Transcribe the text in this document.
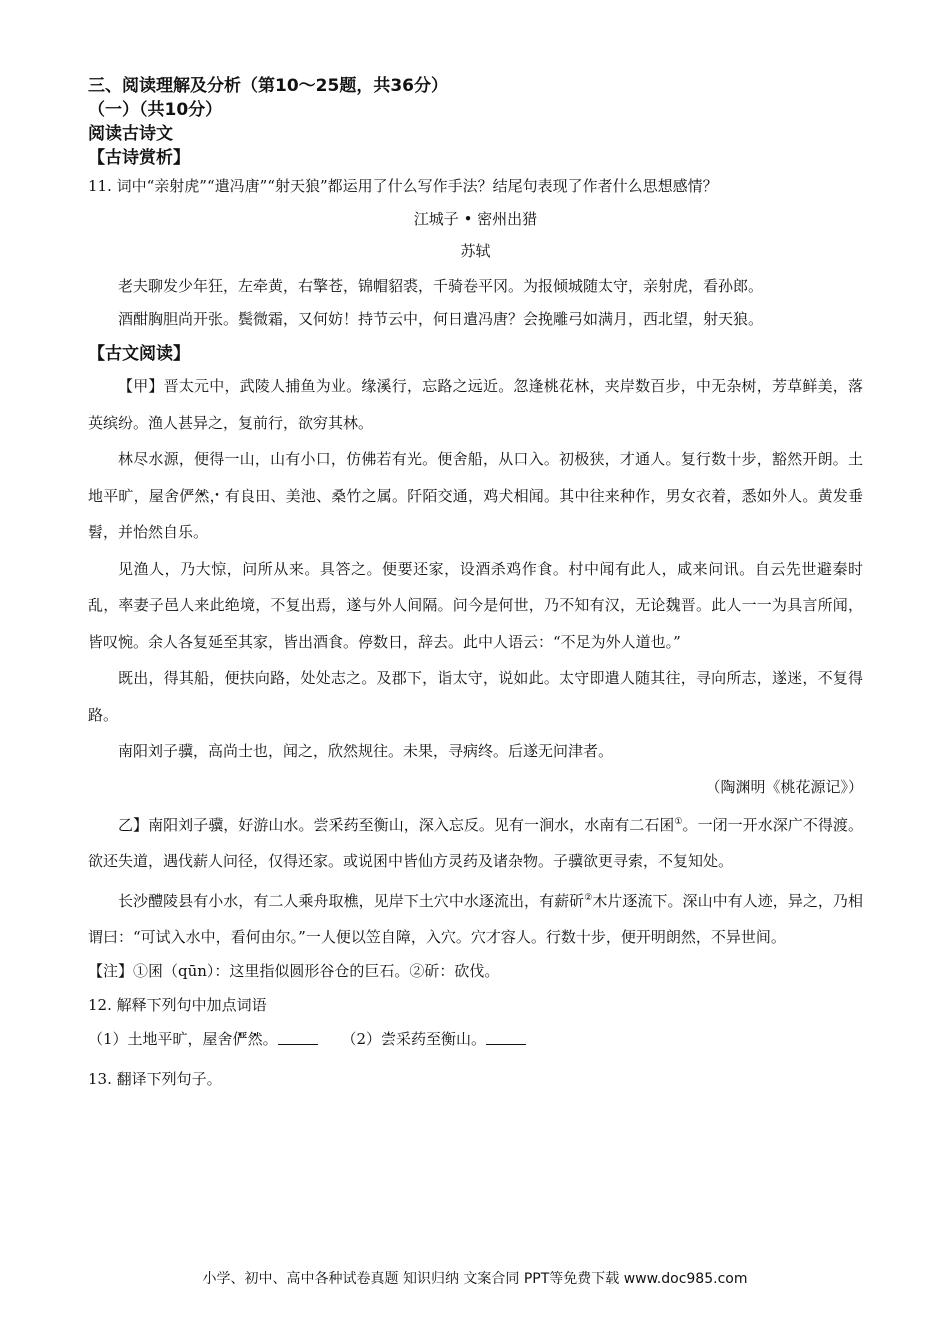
三、阅读理解及分析（第10～25题，共36分）

（一）（共10分）

阅读古诗文

【古诗赏析】

11. 词中“亲射虎”“遣冯唐”“射天狼”都运用了什么写作手法？结尾句表现了作者什么思想感情？

江城子 • 密州出猎
苏轼

老夫聊发少年狂，左牵黄，右擎苍，锦帽貂裘，千骑卷平冈。为报倾城随太守，亲射虎，看孙郎。

酒酣胸胆尚开张。鬓微霜，又何妨！持节云中，何日遣冯唐？会挽雕弓如满月，西北望，射天狼。

【古文阅读】

【甲】晋太元中，武陵人捕鱼为业。缘溪行，忘路之远近。忽逢桃花林，夹岸数百步，中无杂树，芳草鲜美，落英缤纷。渔人甚异之，复前行，欲穷其林。

林尽水源，便得一山，山有小口，仿佛若有光。便舍船，从口入。初极狭，才通人。复行数十步，豁然开朗。土地平旷，屋舍• 俨• 然，有良田、美池、桑竹之属。阡陌交通，鸡犬相闻。其中往来种作，男女衣着，悉如外人。黄发垂髫，并怡然自乐。

见渔人，乃大惊，问所从来。具答之。便要还家，设酒杀鸡作食。村中闻有此人，咸来问讯。自云先世避秦时乱，率妻子邑人来此绝境，不复出焉，遂与外人间隔。问今是何世，乃不知有汉，无论魏晋。此人一一为具言所闻，皆叹惋。余人各复延至其家，皆出酒食。停数日，辞去。此中人语云：“不足为外人道也。”

既出，得其船，便扶向路，处处志之。及郡下，诣太守，说如此。太守即遣人随其往，寻向所志，遂迷，不复得路。

南阳刘子骥，高尚士也，闻之，欣然规往。未果，寻病终。后遂无问津者。

（陶渊明《桃花源记》）

乙】南阳刘子骥，好游山水。• 尝采药至衡山，深入忘反。见有一涧水，水南有二石囷①。一闭一开水深广不得渡。欲还失道，遇伐薪人问径，仅得还家。或说囷中皆仙方灵药及诸杂物。子骥欲更寻索，不复知处。

长沙醴陵县有小水，有二人乘舟取樵，见岸下土穴中水逐流出，有薪斫②木片逐流下。深山中有人迹，异之，乃相谓曰：“可试入水中，看何由尔。”一人便以笠自障，入穴。穴才容人。行数十步，便开明朗然，不异世间。

【注】①囷（qūn）：这里指似圆形谷仓的巨石。②斫：砍伐。

12. 解释下列句中加点词语

（1）土地平旷，屋舍• 俨• 然。	（2）• 尝采药至衡山。

13. 翻译下列句子。

小学、初中、高中各种试卷真题 知识归纳 文案合同 PPT等免费下载 www.doc985.com
